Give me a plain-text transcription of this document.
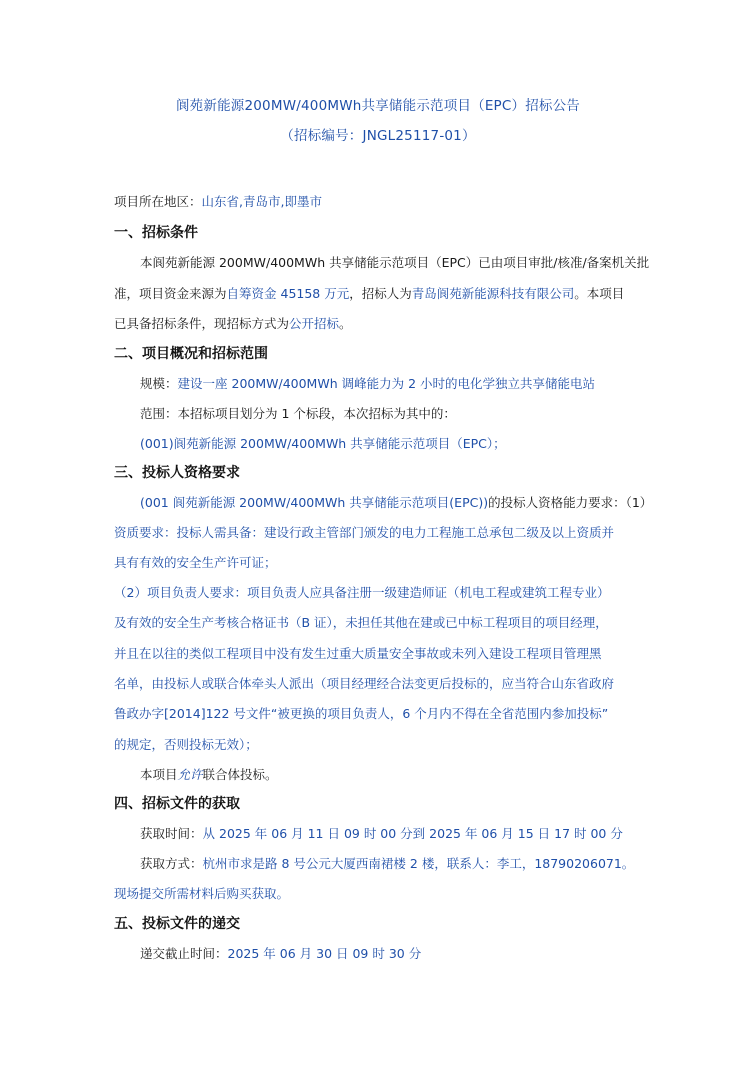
阆苑新能源200MW/400MWh共享储能示范项目（EPC）招标公告
（招标编号：JNGL25117-01）
项目所在地区：山东省,青岛市,即墨市
一、招标条件
本阆苑新能源 200MW/400MWh 共享储能示范项目（EPC）已由项目审批/核准/备案机关批
准，项目资金来源为自筹资金 45158 万元，招标人为青岛阆苑新能源科技有限公司。本项目
已具备招标条件，现招标方式为公开招标。
二、项目概况和招标范围
规模：建设一座 200MW/400MWh 调峰能力为 2 小时的电化学独立共享储能电站
范围：本招标项目划分为 1 个标段，本次招标为其中的：
(001)阆苑新能源 200MW/400MWh 共享储能示范项目（EPC）；
三、投标人资格要求
(001 阆苑新能源 200MW/400MWh 共享储能示范项目(EPC))的投标人资格能力要求：（1）
资质要求：投标人需具备：建设行政主管部门颁发的电力工程施工总承包二级及以上资质并
具有有效的安全生产许可证；
（2）项目负责人要求：项目负责人应具备注册一级建造师证（机电工程或建筑工程专业）
及有效的安全生产考核合格证书（B 证），未担任其他在建或已中标工程项目的项目经理，
并且在以往的类似工程项目中没有发生过重大质量安全事故或未列入建设工程项目管理黑
名单，由投标人或联合体牵头人派出（项目经理经合法变更后投标的，应当符合山东省政府
鲁政办字[2014]122 号文件“被更换的项目负责人，6 个月内不得在全省范围内参加投标”
的规定，否则投标无效）；
本项目允许联合体投标。
四、招标文件的获取
获取时间：从 2025 年 06 月 11 日 09 时 00 分到 2025 年 06 月 15 日 17 时 00 分
获取方式：杭州市求是路 8 号公元大厦西南裙楼 2 楼，联系人：李工，18790206071。
现场提交所需材料后购买获取。
五、投标文件的递交
递交截止时间：2025 年 06 月 30 日 09 时 30 分
